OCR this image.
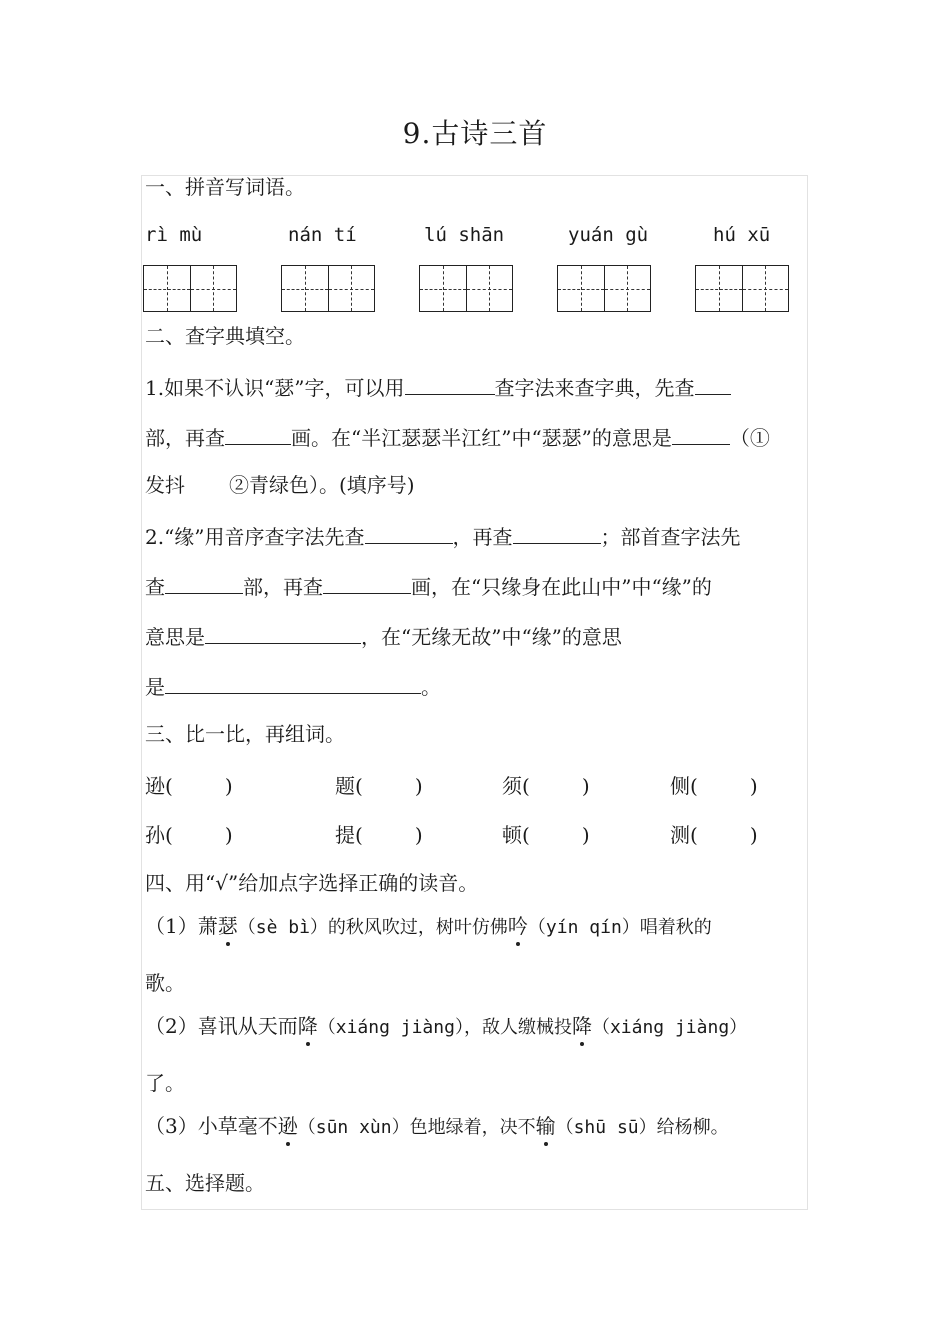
9.古诗三首
一、拼音写词语。
rì mù	nán tí	lú shān	yuán gù	hú xū
二、查字典填空。
1.如果不认识“瑟”字，可以用	查字法来查字典，先查
部，再查	画。在“半江瑟瑟半江红”中“瑟瑟”的意思是	（①
发抖 ②青绿色）。(填序号)
2.“缘”用音序查字法先查	，再查	；部首查字法先
查	部，再查	画，在“只缘身在此山中”中“缘”的
意思是	，在“无缘无故”中“缘”的意思
是	。
三、比一比，再组词。
逊(	)	题(	)	须(	)	侧(	)
孙(	)	提(	)	顿(	)	测(	)
四、用“√”给加点字选择正确的读音。
（1）萧瑟（sè bì）的秋风吹过，树叶仿佛吟（yín qín）唱着秋的
歌。
（2）喜讯从天而降（xiáng jiàng），敌人缴械投降（xiáng jiàng）
了。
（3）小草毫不逊（sūn xùn）色地绿着，决不输（shū sū）给杨柳。
五、选择题。
